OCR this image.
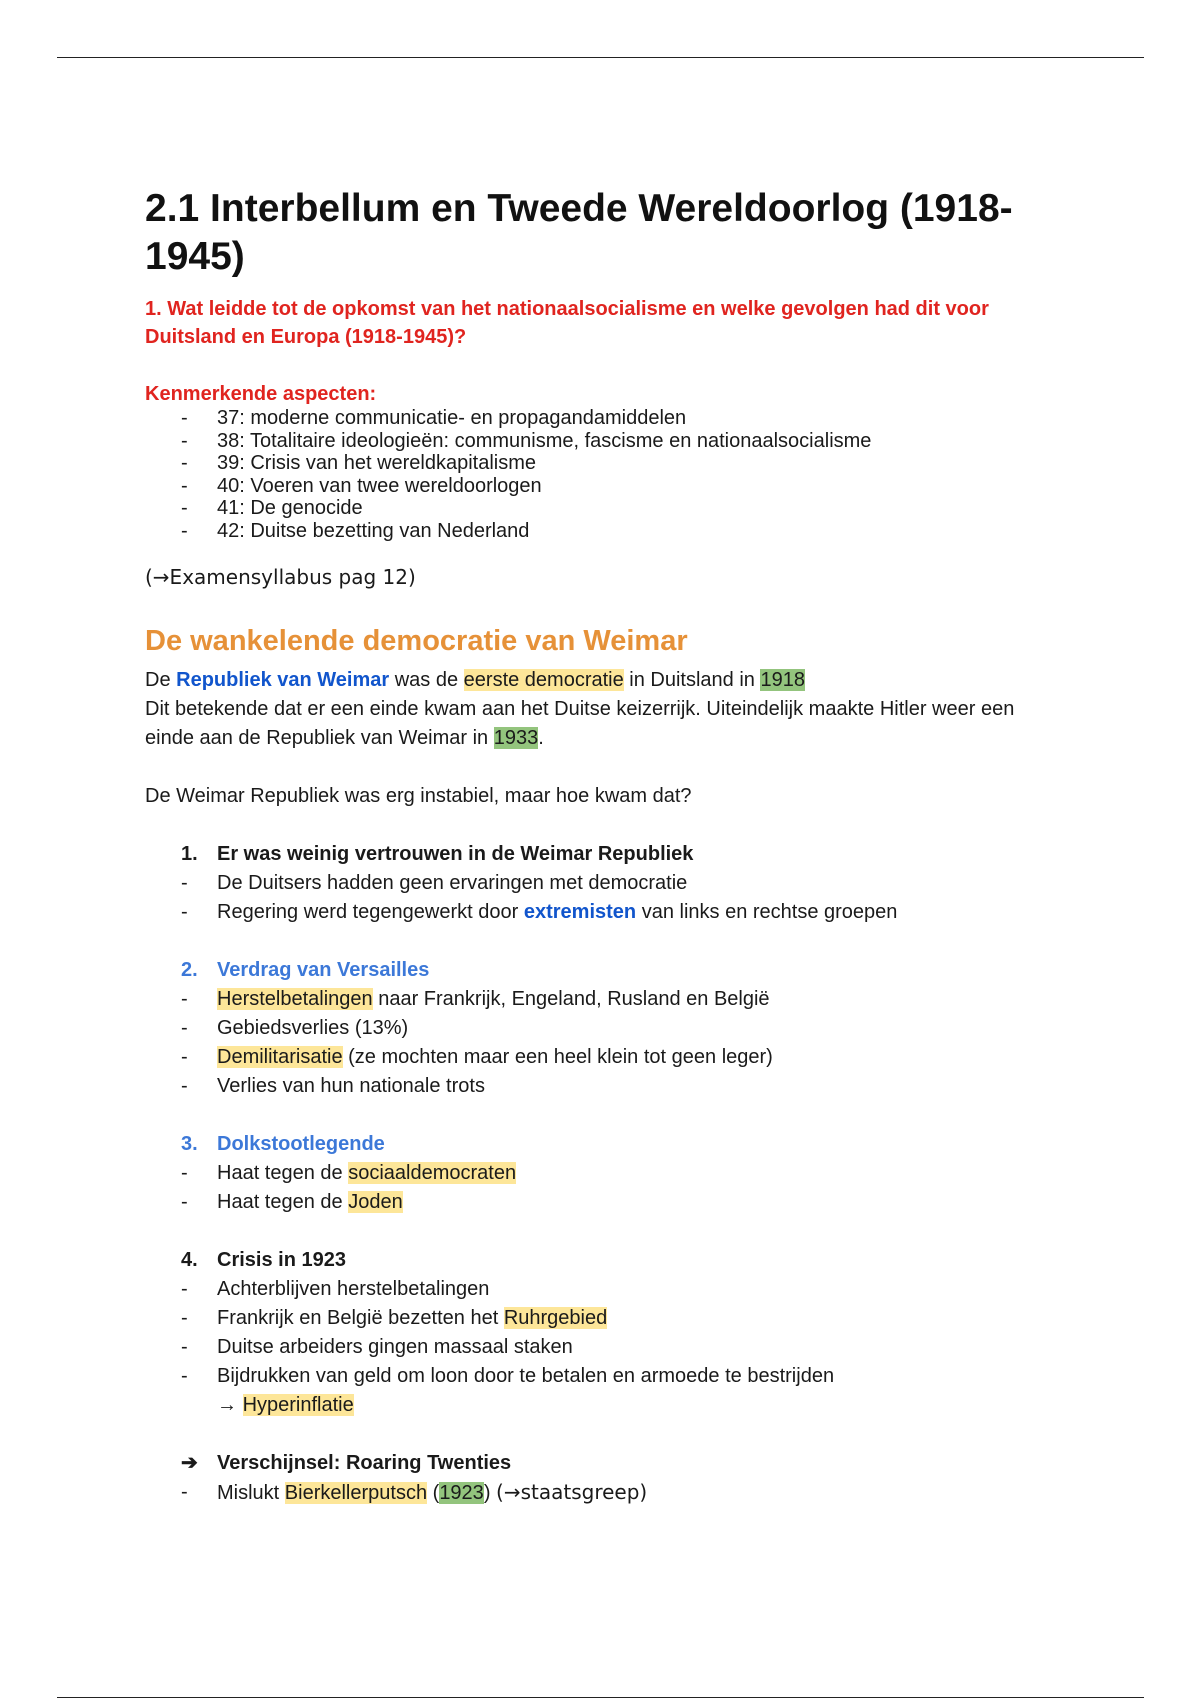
2.1 Interbellum en Tweede Wereldoorlog (1918-1945)

1. Wat leidde tot de opkomst van het nationaalsocialisme en welke gevolgen had dit voor Duitsland en Europa (1918-1945)?

Kenmerkende aspecten:

- 37: moderne communicatie- en propagandamiddelen
- 38: Totalitaire ideologieën: communisme, fascisme en nationaalsocialisme
- 39: Crisis van het wereldkapitalisme
- 40: Voeren van twee wereldoorlogen
- 41: De genocide
- 42: Duitse bezetting van Nederland

(→Examensyllabus pag 12)

De wankelende democratie van Weimar

De Republiek van Weimar was de eerste democratie in Duitsland in 1918

Dit betekende dat er een einde kwam aan het Duitse keizerrijk. Uiteindelijk maakte Hitler weer een einde aan de Republiek van Weimar in 1933.

De Weimar Republiek was erg instabiel, maar hoe kwam dat?

1. Er was weinig vertrouwen in de Weimar Republiek
- De Duitsers hadden geen ervaringen met democratie
- Regering werd tegengewerkt door extremisten van links en rechtse groepen
2. Verdrag van Versailles
- Herstelbetalingen naar Frankrijk, Engeland, Rusland en België
- Gebiedsverlies (13%)
- Demilitarisatie (ze mochten maar een heel klein tot geen leger)
- Verlies van hun nationale trots
3. Dolkstootlegende
- Haat tegen de sociaaldemocraten
- Haat tegen de Joden
4. Crisis in 1923
- Achterblijven herstelbetalingen
- Frankrijk en België bezetten het Ruhrgebied
- Duitse arbeiders gingen massaal staken
- Bijdrukken van geld om loon door te betalen en armoede te bestrijden
→ Hyperinflatie
➔ Verschijnsel: Roaring Twenties
- Mislukt Bierkellerputsch (1923) (→staatsgreep)
